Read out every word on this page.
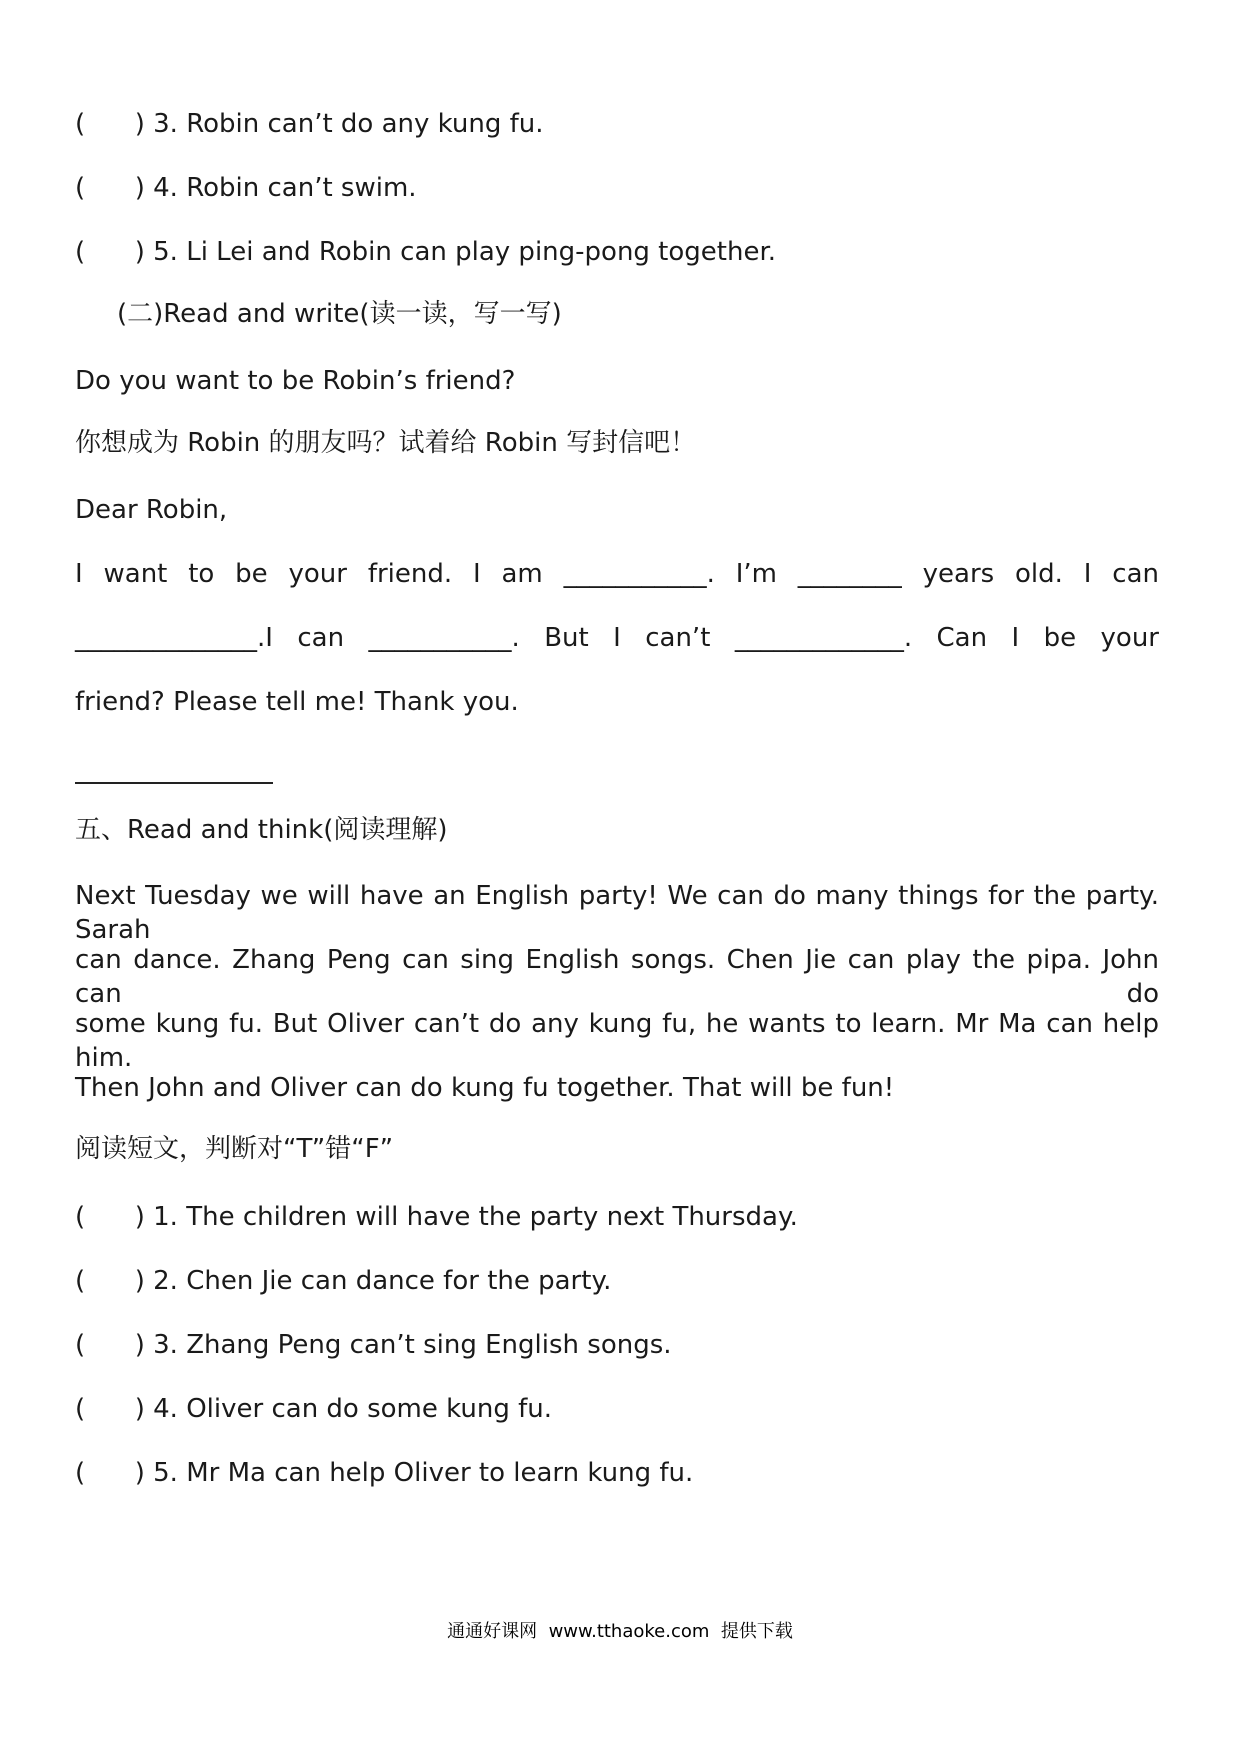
(      ) 3. Robin can’t do any kung fu.
(      ) 4. Robin can’t swim.
(      ) 5. Li Lei and Robin can play ping-pong together.
(二)Read and write(读一读，写一写)
Do you want to be Robin’s friend?
你想成为 Robin 的朋友吗？试着给 Robin 写封信吧！
Dear Robin,
I want to be your friend. I am ___________. I’m ________ years old. I can
______________.I can ___________. But I can’t _____________. Can I be your
friend? Please tell me! Thank you.
五、Read and think(阅读理解)
Next Tuesday we will have an English party! We can do many things for the party. Sarah
can dance. Zhang Peng can sing English songs. Chen Jie can play the pipa. John can do
some kung fu. But Oliver can’t do any kung fu, he wants to learn. Mr Ma can help him.
Then John and Oliver can do kung fu together. That will be fun!
阅读短文，判断对“T”错“F”
(      ) 1. The children will have the party next Thursday.
(      ) 2. Chen Jie can dance for the party.
(      ) 3. Zhang Peng can’t sing English songs.
(      ) 4. Oliver can do some kung fu.
(      ) 5. Mr Ma can help Oliver to learn kung fu.
通通好课网  www.tthaoke.com  提供下载
